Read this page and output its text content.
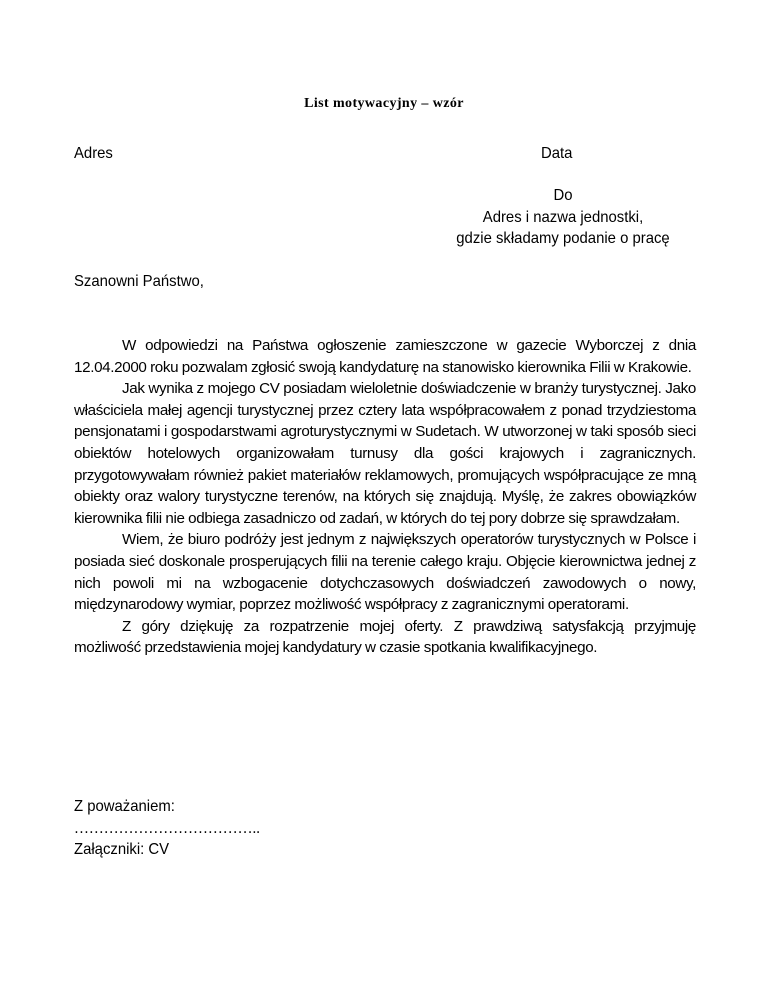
List motywacyjny – wzór
Adres	Data
Do
Adres i nazwa jednostki,
gdzie składamy podanie o pracę
Szanowni Państwo,

W odpowiedzi na Państwa ogłoszenie zamieszczone w gazecie Wyborczej z dnia 12.04.2000 roku pozwalam zgłosić swoją kandydaturę na stanowisko kierownika Filii w Krakowie.

Jak wynika z mojego CV posiadam wieloletnie doświadczenie w branży turystycznej. Jako właściciela małej agencji turystycznej przez cztery lata współpracowałem z ponad trzydziestoma pensjonatami i gospodarstwami agroturystycznymi w Sudetach. W utworzonej w taki sposób sieci obiektów hotelowych organizowałam turnusy dla gości krajowych i zagranicznych. przygotowywałam również pakiet materiałów reklamowych, promujących współpracujące ze mną obiekty oraz walory turystyczne terenów, na których się znajdują. Myślę, że zakres obowiązków kierownika filii nie odbiega zasadniczo od zadań, w których do tej pory dobrze się sprawdzałam.

Wiem, że biuro podróży jest jednym z największych operatorów turystycznych w Polsce i posiada sieć doskonale prosperujących filii na terenie całego kraju. Objęcie kierownictwa jednej z nich powoli mi na wzbogacenie dotychczasowych doświadczeń zawodowych o nowy, międzynarodowy wymiar, poprzez możliwość współpracy z zagranicznymi operatorami.

Z góry dziękuję za rozpatrzenie mojej oferty. Z prawdziwą satysfakcją przyjmuję możliwość przedstawienia mojej kandydatury w czasie spotkania kwalifikacyjnego.

Z poważaniem:
………………………………..
Załączniki: CV
